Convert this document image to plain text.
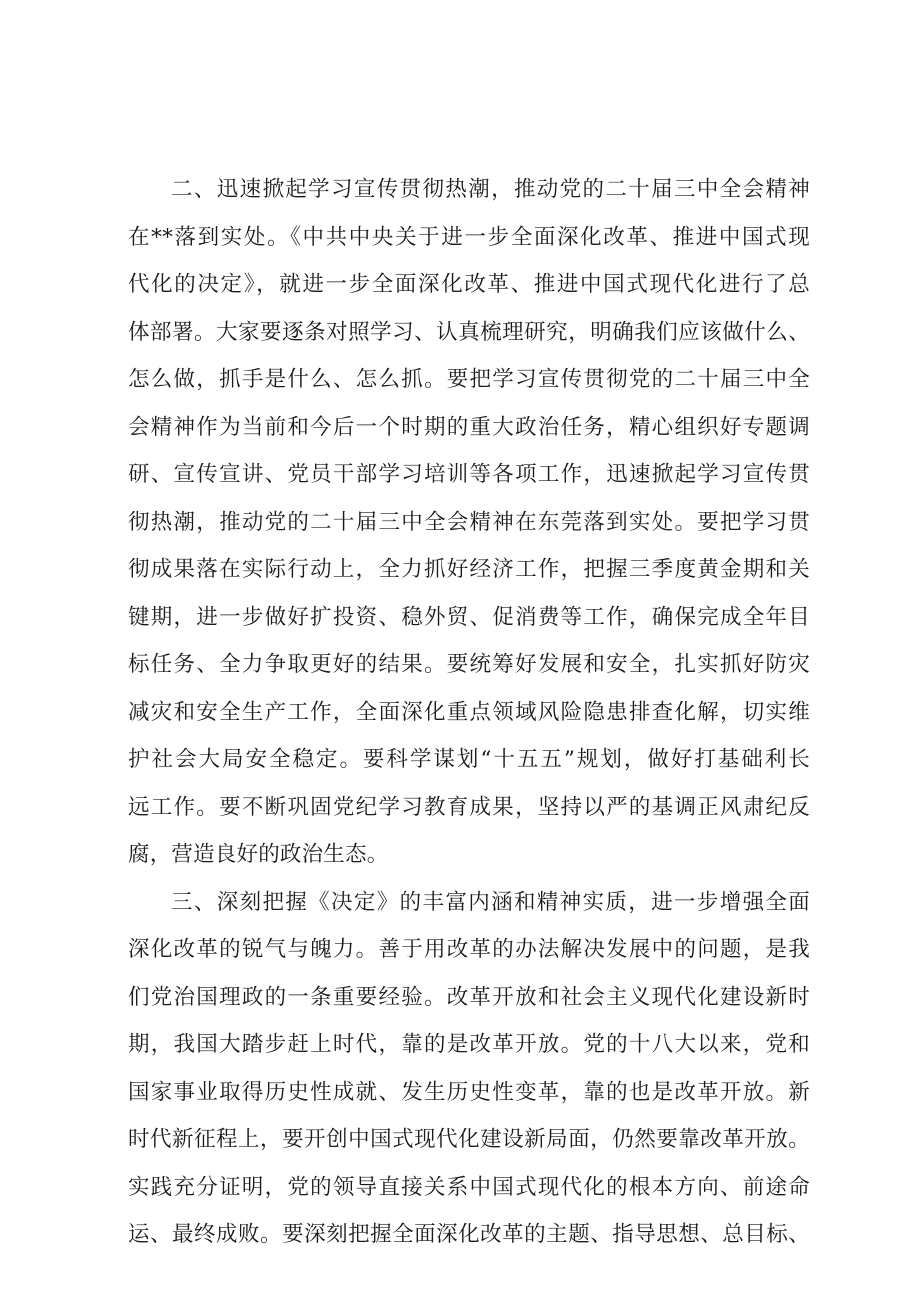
二、迅速掀起学习宣传贯彻热潮，推动党的二十届三中全会精神
在**落到实处。《中共中央关于进一步全面深化改革、推进中国式现
代化的决定》，就进一步全面深化改革、推进中国式现代化进行了总
体部署。大家要逐条对照学习、认真梳理研究，明确我们应该做什么、
怎么做，抓手是什么、怎么抓。要把学习宣传贯彻党的二十届三中全
会精神作为当前和今后一个时期的重大政治任务，精心组织好专题调
研、宣传宣讲、党员干部学习培训等各项工作，迅速掀起学习宣传贯
彻热潮，推动党的二十届三中全会精神在东莞落到实处。要把学习贯
彻成果落在实际行动上，全力抓好经济工作，把握三季度黄金期和关
键期，进一步做好扩投资、稳外贸、促消费等工作，确保完成全年目
标任务、全力争取更好的结果。要统筹好发展和安全，扎实抓好防灾
减灾和安全生产工作，全面深化重点领域风险隐患排查化解，切实维
护社会大局安全稳定。要科学谋划“十五五”规划，做好打基础利长
远工作。要不断巩固党纪学习教育成果，坚持以严的基调正风肃纪反
腐，营造良好的政治生态。
三、深刻把握《决定》的丰富内涵和精神实质，进一步增强全面
深化改革的锐气与魄力。善于用改革的办法解决发展中的问题，是我
们党治国理政的一条重要经验。改革开放和社会主义现代化建设新时
期，我国大踏步赶上时代，靠的是改革开放。党的十八大以来，党和
国家事业取得历史性成就、发生历史性变革，靠的也是改革开放。新
时代新征程上，要开创中国式现代化建设新局面，仍然要靠改革开放。
实践充分证明，党的领导直接关系中国式现代化的根本方向、前途命
运、最终成败。要深刻把握全面深化改革的主题、指导思想、总目标、
